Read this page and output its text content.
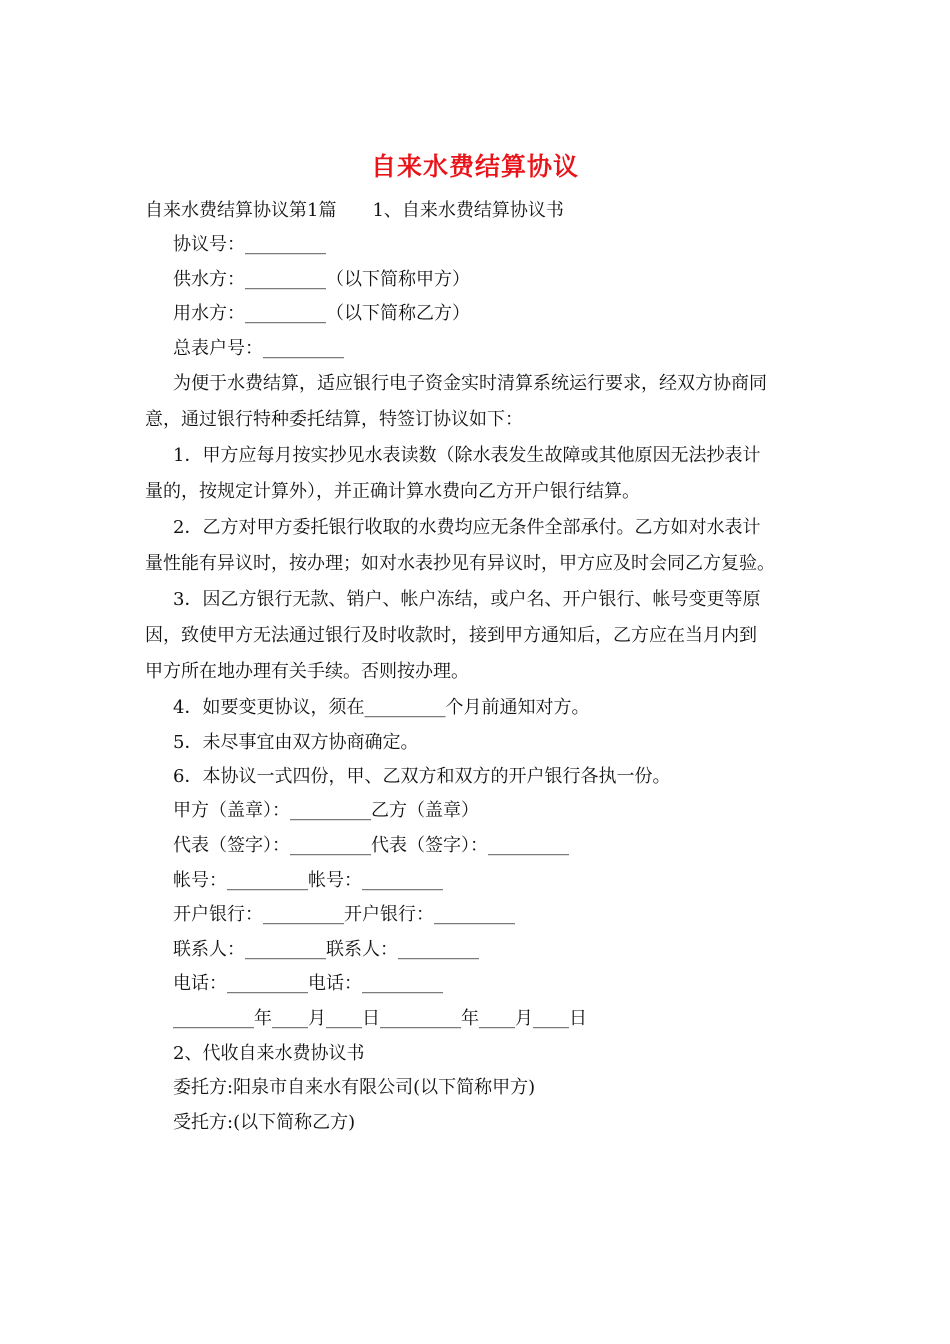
自来水费结算协议
自来水费结算协议第1篇 1、自来水费结算协议书
协议号：_________
供水方：_________（以下简称甲方）
用水方：_________（以下简称乙方）
总表户号：_________
为便于水费结算，适应银行电子资金实时清算系统运行要求，经双方协商同
意，通过银行特种委托结算，特签订协议如下：
1．甲方应每月按实抄见水表读数（除水表发生故障或其他原因无法抄表计
量的，按规定计算外），并正确计算水费向乙方开户银行结算。
2．乙方对甲方委托银行收取的水费均应无条件全部承付。乙方如对水表计
量性能有异议时，按办理；如对水表抄见有异议时，甲方应及时会同乙方复验。
3．因乙方银行无款、销户、帐户冻结，或户名、开户银行、帐号变更等原
因，致使甲方无法通过银行及时收款时，接到甲方通知后，乙方应在当月内到
甲方所在地办理有关手续。否则按办理。
4．如要变更协议，须在_________个月前通知对方。
5．未尽事宜由双方协商确定。
6．本协议一式四份，甲、乙双方和双方的开户银行各执一份。
甲方（盖章）：_________乙方（盖章）
代表（签字）：_________代表（签字）：_________
帐号：_________帐号：_________
开户银行：_________开户银行：_________
联系人：_________联系人：_________
电话：_________电话：_________
_________年____月____日_________年____月____日
2、代收自来水费协议书
委托方:阳泉市自来水有限公司(以下简称甲方)
受托方:(以下简称乙方)
